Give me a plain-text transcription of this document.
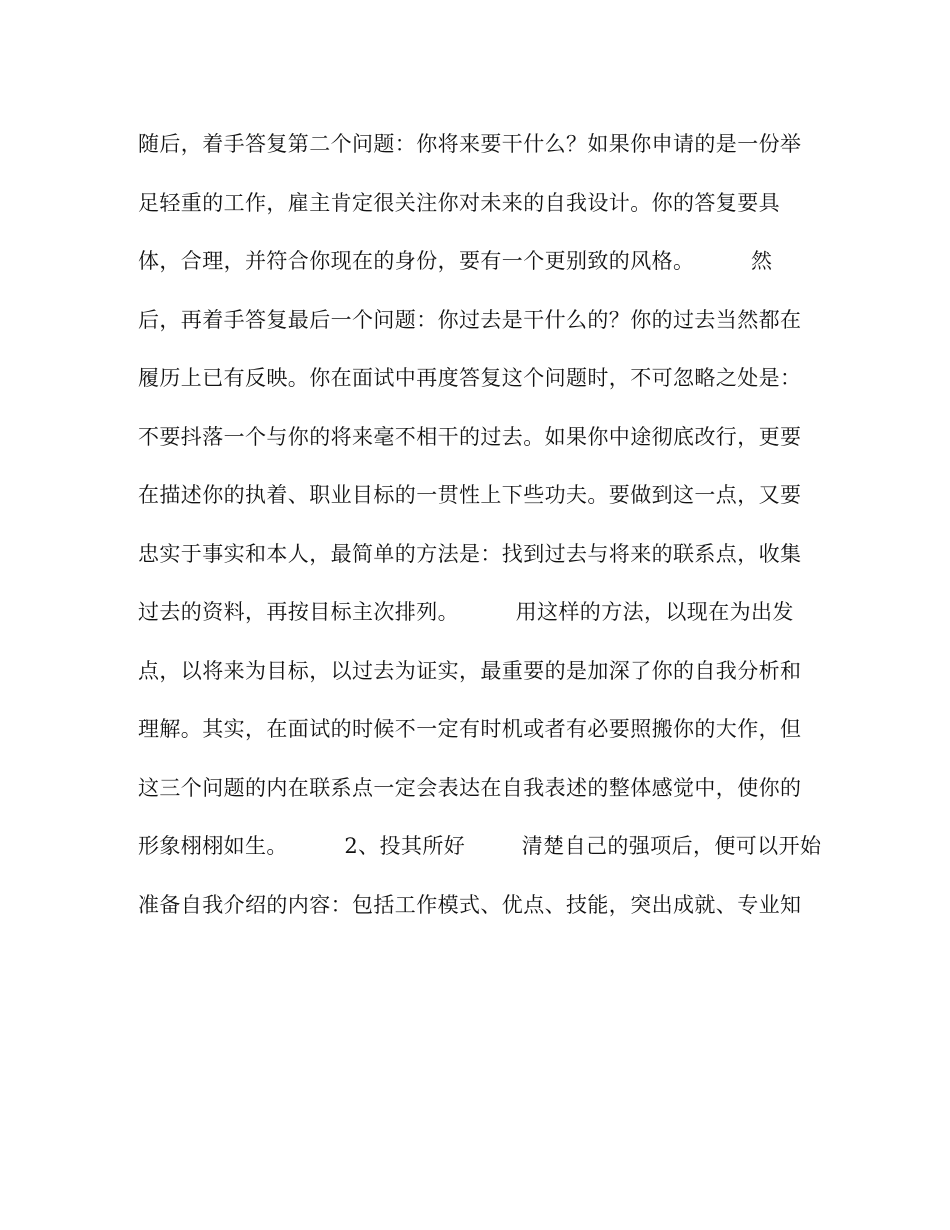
随后，着手答复第二个问题：你将来要干什么？如果你申请的是一份举
足轻重的工作，雇主肯定很关注你对未来的自我设计。你的答复要具
体，合理，并符合你现在的身份，要有一个更别致的风格。        然
后，再着手答复最后一个问题：你过去是干什么的？你的过去当然都在
履历上已有反映。你在面试中再度答复这个问题时，不可忽略之处是：
不要抖落一个与你的将来毫不相干的过去。如果你中途彻底改行，更要
在描述你的执着、职业目标的一贯性上下些功夫。要做到这一点，又要
忠实于事实和本人，最简单的方法是：找到过去与将来的联系点，收集
过去的资料，再按目标主次排列。        用这样的方法，以现在为出发
点，以将来为目标，以过去为证实，最重要的是加深了你的自我分析和
理解。其实，在面试的时候不一定有时机或者有必要照搬你的大作，但
这三个问题的内在联系点一定会表达在自我表述的整体感觉中，使你的
形象栩栩如生。        2、投其所好        清楚自己的强项后，便可以开始
准备自我介绍的内容：包括工作模式、优点、技能，突出成就、专业知
